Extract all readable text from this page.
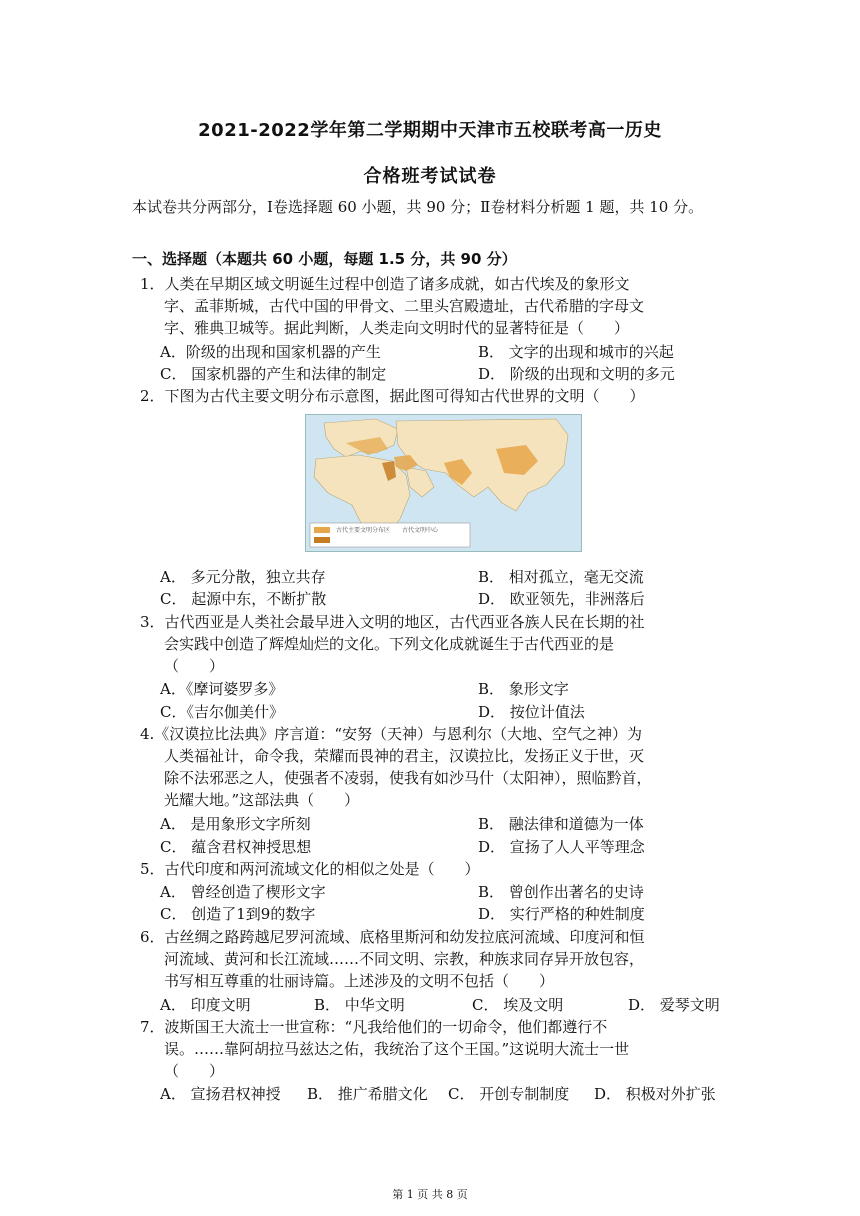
2021-2022学年第二学期期中天津市五校联考高一历史
合格班考试试卷
本试卷共分两部分，Ⅰ卷选择题 60 小题，共 90 分；Ⅱ卷材料分析题 1 题，共 10 分。
一、选择题（本题共 60 小题，每题 1.5 分，共 90 分）
1．人类在早期区域文明诞生过程中创造了诸多成就，如古代埃及的象形文
字、孟菲斯城，古代中国的甲骨文、二里头宫殿遗址，古代希腊的字母文
字、雅典卫城等。据此判断，人类走向文明时代的显著特征是（　　）
A．阶级的出现和国家机器的产生	B． 文字的出现和城市的兴起
C． 国家机器的产生和法律的制定	D． 阶级的出现和文明的多元
2．下图为古代主要文明分布示意图，据此图可得知古代世界的文明（　　）
古代主要文明分布区 古代文明中心
A． 多元分散，独立共存	B． 相对孤立，毫无交流
C． 起源中东，不断扩散	D． 欧亚领先，非洲落后
3．古代西亚是人类社会最早进入文明的地区，古代西亚各族人民在长期的社
会实践中创造了辉煌灿烂的文化。下列文化成就诞生于古代西亚的是
（　　）
A．《摩诃婆罗多》	B． 象形文字
C．《吉尔伽美什》	D． 按位计值法
4.《汉谟拉比法典》序言道：“安努（天神）与恩利尔（大地、空气之神）为
人类福祉计，命令我，荣耀而畏神的君主，汉谟拉比，发扬正义于世，灭
除不法邪恶之人，使强者不凌弱，使我有如沙马什（太阳神），照临黔首，
光耀大地。”这部法典（　　）
A． 是用象形文字所刻	B． 融法律和道德为一体
C． 蕴含君权神授思想	D． 宣扬了人人平等理念
5．古代印度和两河流域文化的相似之处是（　　）
A． 曾经创造了楔形文字	B． 曾创作出著名的史诗
C． 创造了1到9的数字	D． 实行严格的种姓制度
6．古丝绸之路跨越尼罗河流域、底格里斯河和幼发拉底河流域、印度河和恒
河流域、黄河和长江流域……不同文明、宗教，种族求同存异开放包容，
书写相互尊重的壮丽诗篇。上述涉及的文明不包括（　　）
A． 印度文明	B． 中华文明	C． 埃及文明	D． 爱琴文明
7．波斯国王大流士一世宣称：“凡我给他们的一切命令，他们都遵行不
误。……靠阿胡拉马兹达之佑，我统治了这个王国。”这说明大流士一世
（　　）
A． 宣扬君权神授 B． 推广希腊文化 C． 开创专制制度 D． 积极对外扩张
第 1 页 共 8 页
